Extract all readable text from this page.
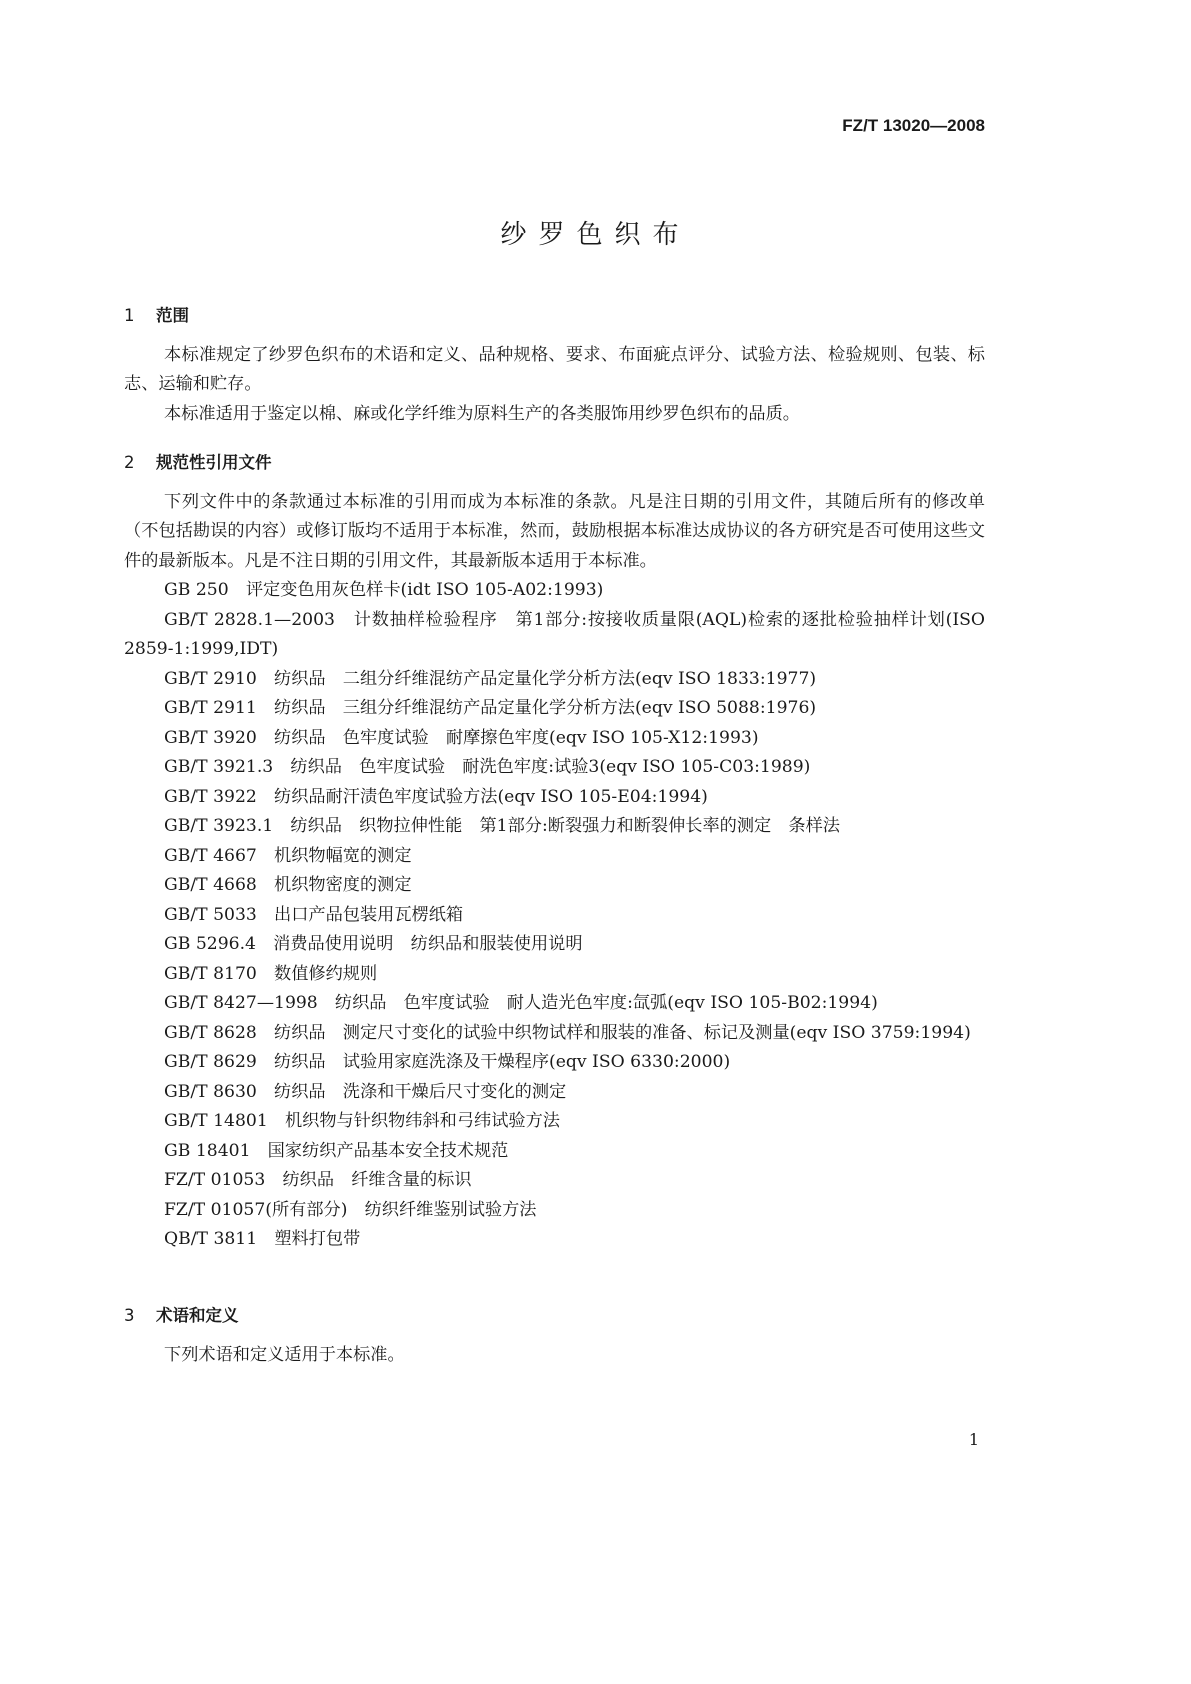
FZ/T 13020—2008
纱罗色织布
1 范围

本标准规定了纱罗色织布的术语和定义、品种规格、要求、布面疵点评分、试验方法、检验规则、包装、标志、运输和贮存。

本标准适用于鉴定以棉、麻或化学纤维为原料生产的各类服饰用纱罗色织布的品质。

2 规范性引用文件

下列文件中的条款通过本标准的引用而成为本标准的条款。凡是注日期的引用文件，其随后所有的修改单（不包括勘误的内容）或修订版均不适用于本标准，然而，鼓励根据本标准达成协议的各方研究是否可使用这些文件的最新版本。凡是不注日期的引用文件，其最新版本适用于本标准。

GB 250　评定变色用灰色样卡(idt ISO 105-A02:1993)

GB/T 2828.1—2003　计数抽样检验程序　第1部分:按接收质量限(AQL)检索的逐批检验抽样计划(ISO 2859-1:1999,IDT)

GB/T 2910　纺织品　二组分纤维混纺产品定量化学分析方法(eqv ISO 1833:1977)

GB/T 2911　纺织品　三组分纤维混纺产品定量化学分析方法(eqv ISO 5088:1976)

GB/T 3920　纺织品　色牢度试验　耐摩擦色牢度(eqv ISO 105-X12:1993)

GB/T 3921.3　纺织品　色牢度试验　耐洗色牢度:试验3(eqv ISO 105-C03:1989)

GB/T 3922　纺织品耐汗渍色牢度试验方法(eqv ISO 105-E04:1994)

GB/T 3923.1　纺织品　织物拉伸性能　第1部分:断裂强力和断裂伸长率的测定　条样法

GB/T 4667　机织物幅宽的测定

GB/T 4668　机织物密度的测定

GB/T 5033　出口产品包装用瓦楞纸箱

GB 5296.4　消费品使用说明　纺织品和服装使用说明

GB/T 8170　数值修约规则

GB/T 8427—1998　纺织品　色牢度试验　耐人造光色牢度:氙弧(eqv ISO 105-B02:1994)

GB/T 8628　纺织品　测定尺寸变化的试验中织物试样和服装的准备、标记及测量(eqv ISO 3759:1994)

GB/T 8629　纺织品　试验用家庭洗涤及干燥程序(eqv ISO 6330:2000)

GB/T 8630　纺织品　洗涤和干燥后尺寸变化的测定

GB/T 14801　机织物与针织物纬斜和弓纬试验方法

GB 18401　国家纺织产品基本安全技术规范

FZ/T 01053　纺织品　纤维含量的标识

FZ/T 01057(所有部分)　纺织纤维鉴别试验方法

QB/T 3811　塑料打包带

3 术语和定义

下列术语和定义适用于本标准。

1
